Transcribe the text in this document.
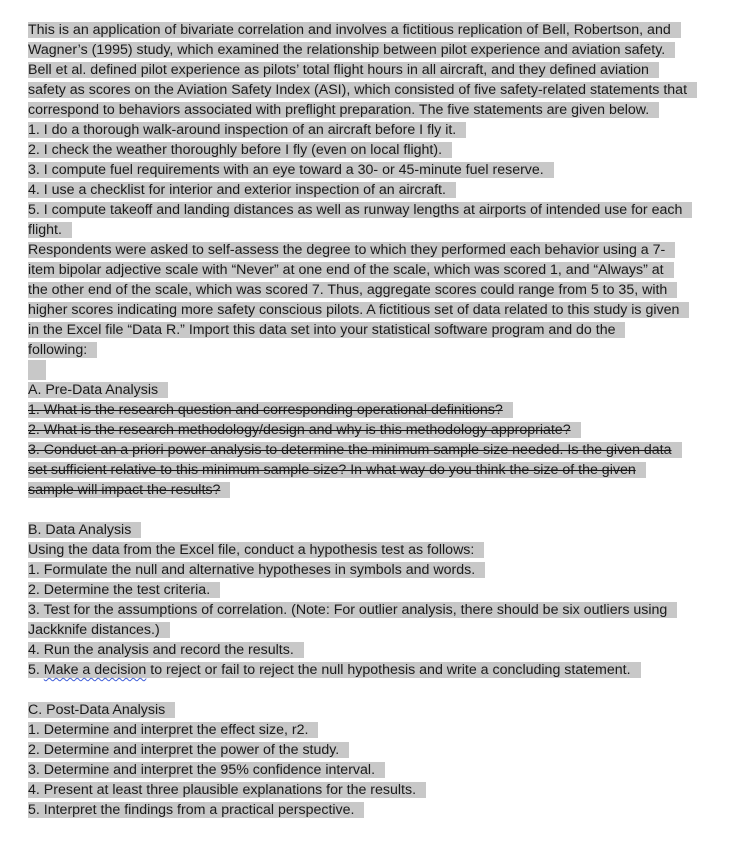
This is an application of bivariate correlation and involves a fictitious replication of Bell, Robertson, and
Wagner’s (1995) study, which examined the relationship between pilot experience and aviation safety.
Bell et al. defined pilot experience as pilots’ total flight hours in all aircraft, and they defined aviation
safety as scores on the Aviation Safety Index (ASI), which consisted of five safety-related statements that
correspond to behaviors associated with preflight preparation. The five statements are given below.
1. I do a thorough walk-around inspection of an aircraft before I fly it.
2. I check the weather thoroughly before I fly (even on local flight).
3. I compute fuel requirements with an eye toward a 30- or 45-minute fuel reserve.
4. I use a checklist for interior and exterior inspection of an aircraft.
5. I compute takeoff and landing distances as well as runway lengths at airports of intended use for each
flight.
Respondents were asked to self-assess the degree to which they performed each behavior using a 7-
item bipolar adjective scale with “Never” at one end of the scale, which was scored 1, and “Always” at
the other end of the scale, which was scored 7. Thus, aggregate scores could range from 5 to 35, with
higher scores indicating more safety conscious pilots. A fictitious set of data related to this study is given
in the Excel file “Data R.” Import this data set into your statistical software program and do the
following:
A. Pre-Data Analysis
1. What is the research question and corresponding operational definitions?
2. What is the research methodology/design and why is this methodology appropriate?
3. Conduct an a priori power analysis to determine the minimum sample size needed. Is the given data
set sufficient relative to this minimum sample size? In what way do you think the size of the given
sample will impact the results?
B. Data Analysis
Using the data from the Excel file, conduct a hypothesis test as follows:
1. Formulate the null and alternative hypotheses in symbols and words.
2. Determine the test criteria.
3. Test for the assumptions of correlation. (Note: For outlier analysis, there should be six outliers using
Jackknife distances.)
4. Run the analysis and record the results.
5. Make a decision to reject or fail to reject the null hypothesis and write a concluding statement.
C. Post-Data Analysis
1. Determine and interpret the effect size, r2.
2. Determine and interpret the power of the study.
3. Determine and interpret the 95% confidence interval.
4. Present at least three plausible explanations for the results.
5. Interpret the findings from a practical perspective.
